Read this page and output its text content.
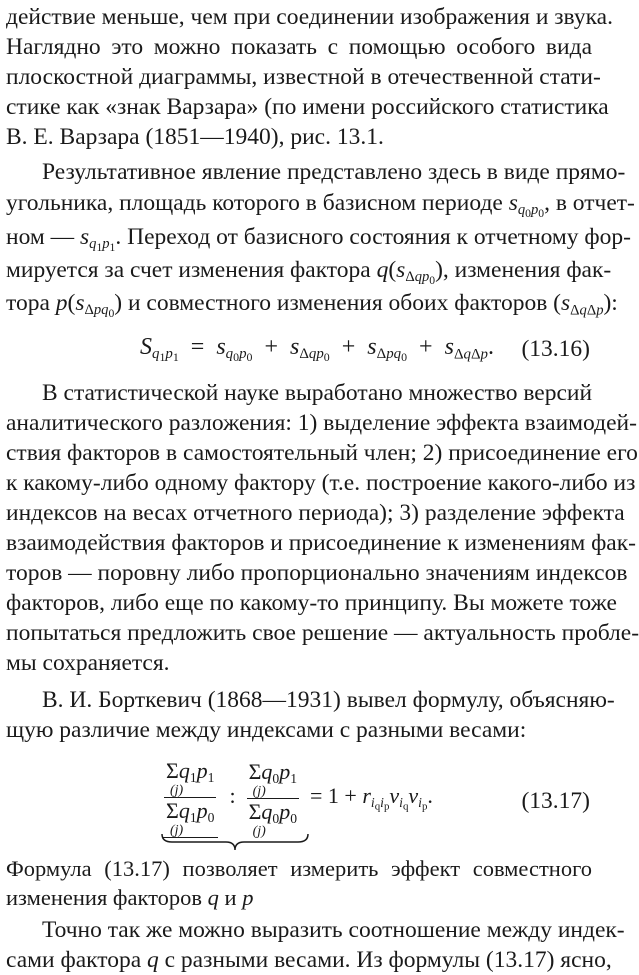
действие меньше, чем при соединении изображения и звука.
Наглядно это можно показать с помощью особого вида
плоскостной диаграммы, известной в отечественной стати-
стике как «знак Варзара» (по имени российского статистика
В. Е. Варзара (1851—1940), рис. 13.1.
Результативное явление представлено здесь в виде прямо-
угольника, площадь которого в базисном периоде $s_{q_0p_0}$, в отчет-
ном — $s_{q_1p_1}$. Переход от базисного состояния к отчетному фор-
мируется за счет изменения фактора $q(s_{\Delta qp_0})$, изменения фак-
тора $p(s_{\Delta pq_0})$ и совместного изменения обоих факторов $(s_{\Delta q\Delta p})$:
$S_{q_1p_1} = s_{q_0p_0} + s_{\Delta qp_0} + s_{\Delta pq_0} + s_{\Delta q\Delta p}$. (13.16)
В статистической науке выработано множество версий
аналитического разложения: 1) выделение эффекта взаимодей-
ствия факторов в самостоятельный член; 2) присоединение его
к какому-либо одному фактору (т.е. построение какого-либо из
индексов на весах отчетного периода); 3) разделение эффекта
взаимодействия факторов и присоединение к изменениям фак-
торов — поровну либо пропорционально значениям индексов
факторов, либо еще по какому-то принципу. Вы можете тоже
попытаться предложить свое решение — актуальность пробле-
мы сохраняется.
В. И. Борткевич (1868—1931) вывел формулу, объясняю-
щую различие между индексами с разными весами:
$\Sigma q_1p_1$
(j)
$\Sigma q_1p_0$
(j) : $\Sigma q_0p_1$
(j)
$\Sigma q_0p_0$
$(j) = 1 + r_{i_qi_p}v_{i_q}v_{i_p}$.	(13.17)
Формула (13.17) позволяет измерить эффект совместного
изменения факторов q и p
Точно так же можно выразить соотношение между индек-
сами фактора q с разными весами. Из формулы (13.17) ясно,
